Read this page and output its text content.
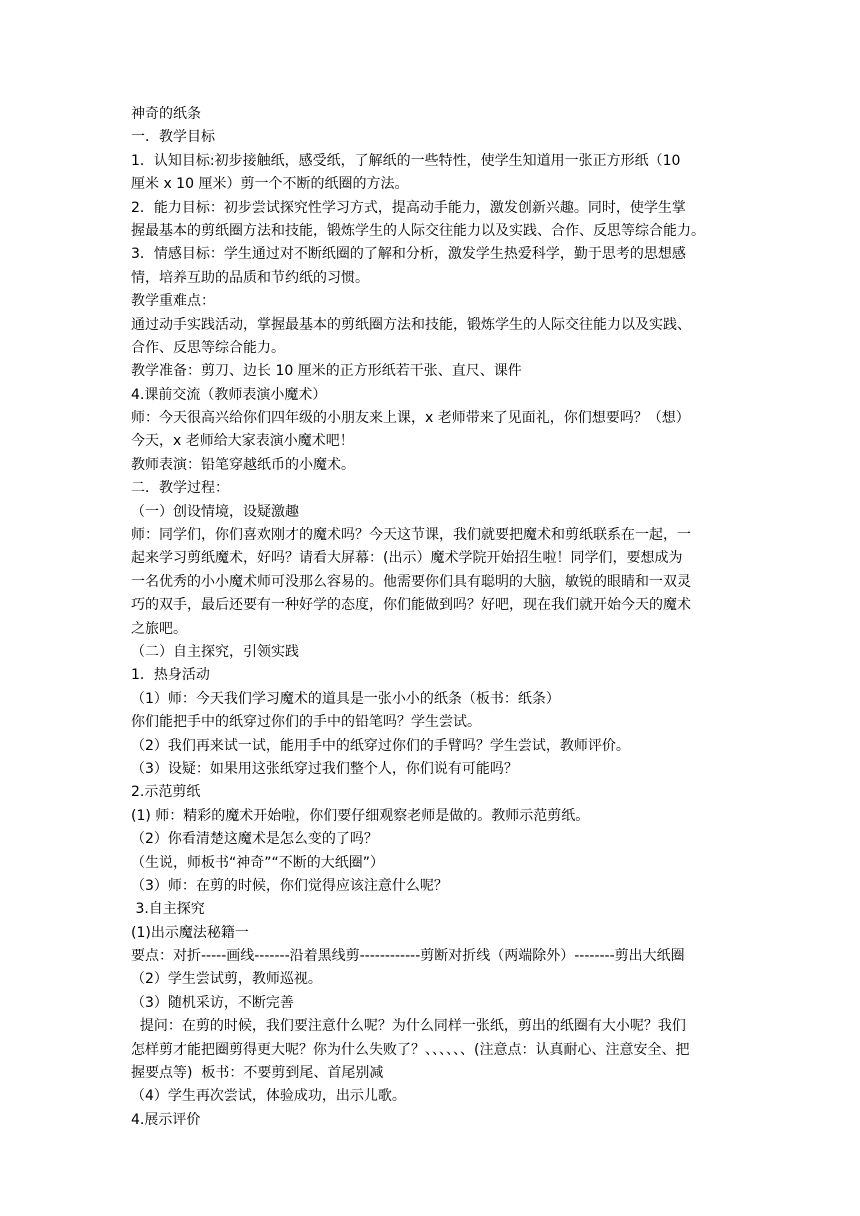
神奇的纸条
一．教学目标
1．认知目标:初步接触纸，感受纸，了解纸的一些特性，使学生知道用一张正方形纸（10
厘米 x 10 厘米）剪一个不断的纸圈的方法。
2．能力目标：初步尝试探究性学习方式，提高动手能力，激发创新兴趣。同时，使学生掌
握最基本的剪纸圈方法和技能，锻炼学生的人际交往能力以及实践、合作、反思等综合能力。
3．情感目标：学生通过对不断纸圈的了解和分析，激发学生热爱科学，勤于思考的思想感
情，培养互助的品质和节约纸的习惯。
教学重难点：
通过动手实践活动，掌握最基本的剪纸圈方法和技能，锻炼学生的人际交往能力以及实践、
合作、反思等综合能力。
教学准备：剪刀、边长 10 厘米的正方形纸若干张、直尺、课件
4.课前交流（教师表演小魔术）
师：今天很高兴给你们四年级的小朋友来上课，x 老师带来了见面礼，你们想要吗？（想）
今天，x 老师给大家表演小魔术吧！
教师表演：铅笔穿越纸币的小魔术。
二．教学过程：
（一）创设情境，设疑激趣
师：同学们，你们喜欢刚才的魔术吗？今天这节课，我们就要把魔术和剪纸联系在一起，一
起来学习剪纸魔术，好吗？请看大屏幕：(出示）魔术学院开始招生啦！同学们，要想成为
一名优秀的小小魔术师可没那么容易的。他需要你们具有聪明的大脑，敏锐的眼睛和一双灵
巧的双手，最后还要有一种好学的态度，你们能做到吗？好吧，现在我们就开始今天的魔术
之旅吧。
（二）自主探究，引领实践
1．热身活动
（1）师：今天我们学习魔术的道具是一张小小的纸条（板书：纸条）
你们能把手中的纸穿过你们的手中的铅笔吗？学生尝试。
（2）我们再来试一试，能用手中的纸穿过你们的手臂吗？学生尝试，教师评价。
（3）设疑：如果用这张纸穿过我们整个人，你们说有可能吗？
2.示范剪纸
(1) 师：精彩的魔术开始啦，你们要仔细观察老师是做的。教师示范剪纸。
（2）你看清楚这魔术是怎么变的了吗？
（生说，师板书“神奇”“不断的大纸圈”）
（3）师：在剪的时候，你们觉得应该注意什么呢？
3.自主探究
(1)出示魔法秘籍一
要点：对折-----画线-------沿着黑线剪------------剪断对折线（两端除外）--------剪出大纸圈
（2）学生尝试剪，教师巡视。
（3）随机采访，不断完善
提问：在剪的时候，我们要注意什么呢？为什么同样一张纸，剪出的纸圈有大小呢？我们
怎样剪才能把圈剪得更大呢？你为什么失败了？、、、、、、(注意点：认真耐心、注意安全、把
握要点等)  板书：不要剪到尾、首尾别减
（4）学生再次尝试，体验成功，出示儿歌。
4.展示评价
